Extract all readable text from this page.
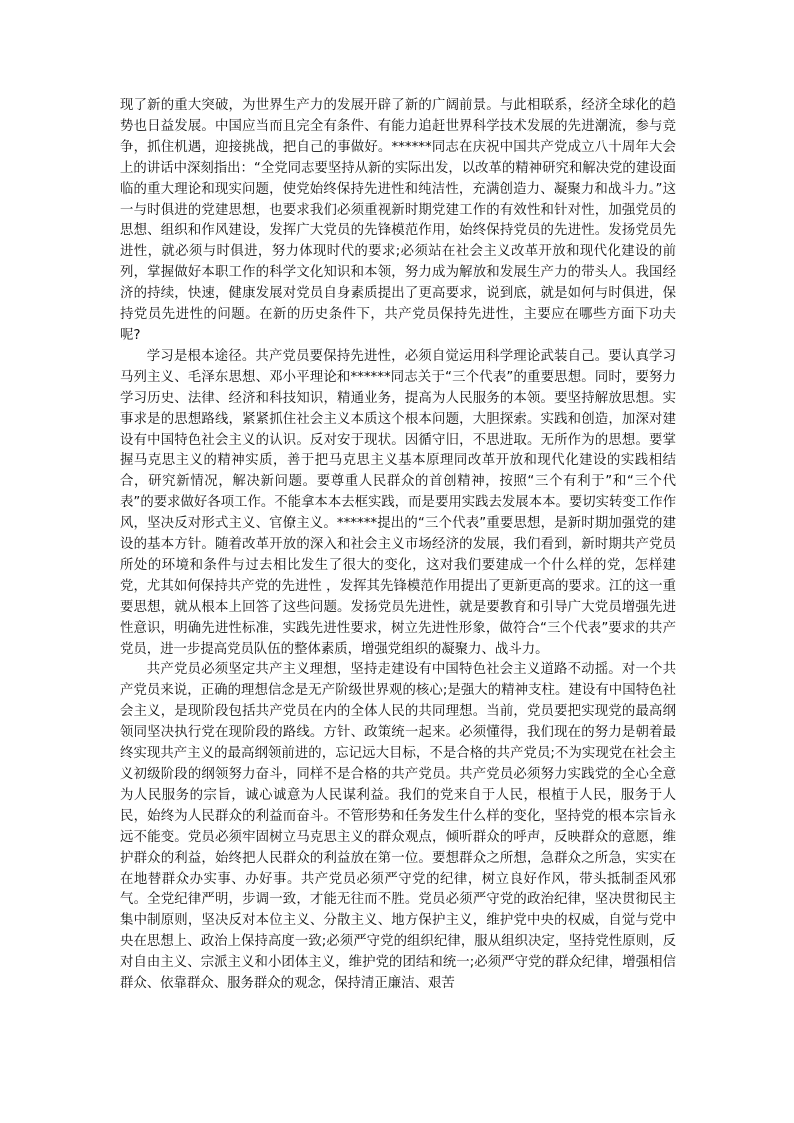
现了新的重大突破，为世界生产力的发展开辟了新的广阔前景。与此相联系，经济全球化的趋势也日益发展。中国应当而且完全有条件、有能力追赶世界科学技术发展的先进潮流，参与竞争，抓住机遇，迎接挑战，把自己的事做好。******同志在庆祝中国共产党成立八十周年大会上的讲话中深刻指出：“全党同志要坚持从新的实际出发，以改革的精神研究和解决党的建设面临的重大理论和现实问题，使党始终保持先进性和纯洁性，充满创造力、凝聚力和战斗力。”这一与时俱进的党建思想，也要求我们必须重视新时期党建工作的有效性和针对性，加强党员的思想、组织和作风建设，发挥广大党员的先锋模范作用，始终保持党员的先进性。发扬党员先进性，就必须与时俱进，努力体现时代的要求;必须站在社会主义改革开放和现代化建设的前列，掌握做好本职工作的科学文化知识和本领，努力成为解放和发展生产力的带头人。我国经济的持续，快速，健康发展对党员自身素质提出了更高要求，说到底，就是如何与时俱进，保持党员先进性的问题。在新的历史条件下，共产党员保持先进性，主要应在哪些方面下功夫呢?

学习是根本途径。共产党员要保持先进性，必须自觉运用科学理论武装自己。要认真学习马列主义、毛泽东思想、邓小平理论和******同志关于“三个代表”的重要思想。同时，要努力学习历史、法律、经济和科技知识，精通业务，提高为人民服务的本领。要坚持解放思想。实事求是的思想路线，紧紧抓住社会主义本质这个根本问题，大胆探索。实践和创造，加深对建设有中国特色社会主义的认识。反对安于现状。因循守旧，不思进取。无所作为的思想。要掌握马克思主义的精神实质，善于把马克思主义基本原理同改革开放和现代化建设的实践相结合，研究新情况，解决新问题。要尊重人民群众的首创精神，按照“三个有利于”和“三个代表”的要求做好各项工作。不能拿本本去框实践，而是要用实践去发展本本。要切实转变工作作风，坚决反对形式主义、官僚主义。******提出的“三个代表”重要思想，是新时期加强党的建设的基本方针。随着改革开放的深入和社会主义市场经济的发展，我们看到，新时期共产党员所处的环境和条件与过去相比发生了很大的变化，这对我们要建成一个什么样的党，怎样建党，尤其如何保持共产党的先进性 ，发挥其先锋模范作用提出了更新更高的要求。江的这一重要思想，就从根本上回答了这些问题。发扬党员先进性，就是要教育和引导广大党员增强先进性意识，明确先进性标准，实践先进性要求，树立先进性形象，做符合“三个代表”要求的共产党员，进一步提高党员队伍的整体素质，增强党组织的凝聚力、战斗力。

共产党员必须坚定共产主义理想，坚持走建设有中国特色社会主义道路不动摇。对一个共产党员来说，正确的理想信念是无产阶级世界观的核心;是强大的精神支柱。建设有中国特色社会主义，是现阶段包括共产党员在内的全体人民的共同理想。当前，党员要把实现党的最高纲领同坚决执行党在现阶段的路线。方针、政策统一起来。必须懂得，我们现在的努力是朝着最终实现共产主义的最高纲领前进的，忘记远大目标，不是合格的共产党员;不为实现党在社会主义初级阶段的纲领努力奋斗，同样不是合格的共产党员。共产党员必须努力实践党的全心全意为人民服务的宗旨，诚心诚意为人民谋利益。我们的党来自于人民，根植于人民，服务于人民，始终为人民群众的利益而奋斗。不管形势和任务发生什么样的变化，坚持党的根本宗旨永远不能变。党员必须牢固树立马克思主义的群众观点，倾听群众的呼声，反映群众的意愿，维护群众的利益，始终把人民群众的利益放在第一位。要想群众之所想，急群众之所急，实实在在地替群众办实事、办好事。共产党员必须严守党的纪律，树立良好作风，带头抵制歪风邪气。全党纪律严明，步调一致，才能无往而不胜。党员必须严守党的政治纪律，坚决贯彻民主集中制原则，坚决反对本位主义、分散主义、地方保护主义，维护党中央的权威，自觉与党中央在思想上、政治上保持高度一致;必须严守党的组织纪律，服从组织决定，坚持党性原则，反对自由主义、宗派主义和小团体主义，维护党的团结和统一;必须严守党的群众纪律，增强相信群众、依靠群众、服务群众的观念，保持清正廉洁、艰苦
